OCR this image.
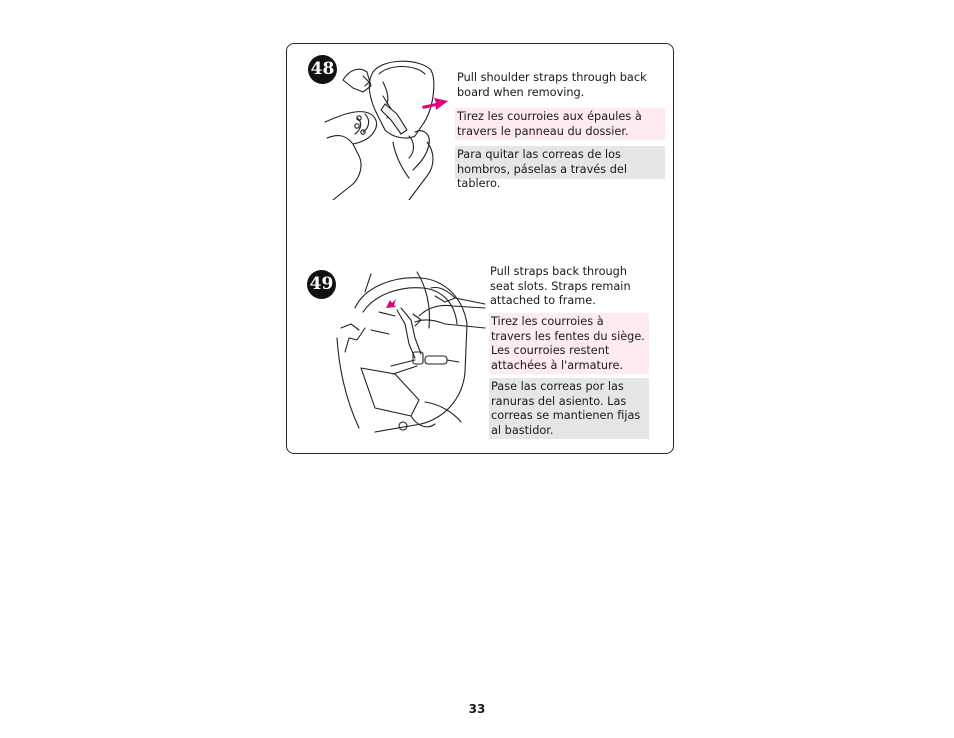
48	Pull shoulder straps through back board when removing.
Tirez les courroies aux épaules à travers le panneau du dossier.
Para quitar las correas de los hombros, páselas a través del tablero.
49
Pull straps back through seat slots. Straps remain attached to frame.
Tirez les courroies à travers les fentes du siège. Les courroies restent attachées à l'armature.
Pase las correas por las ranuras del asiento. Las correas se mantienen fijas al bastidor.
33
